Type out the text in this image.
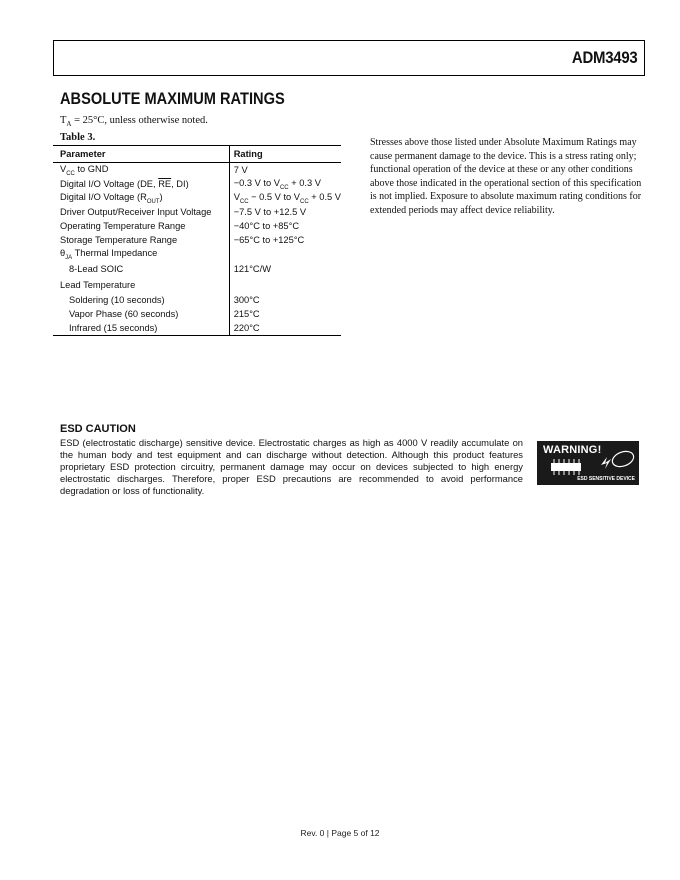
ADM3493
ABSOLUTE MAXIMUM RATINGS
$T_A = 25^\circ C$, unless otherwise noted.
Table 3.
Parameter	Rating
$V_{CC}$ to GND	7 V
Digital I/O Voltage (DE, $\overline{RE}$, DI)	−0.3 V to $V_{CC} + 0.3$ V
Digital I/O Voltage $(R_{OUT})$	$V_{CC} - 0.5$ V to $V_{CC} + 0.5$ V
Driver Output/Receiver Input Voltage	−7.5 V to +12.5 V
Operating Temperature Range	−40°C to +85°C
Storage Temperature Range	−65°C to +125°C
$\theta_{JA}$ Thermal Impedance	
8-Lead SOIC	121°C/W
Lead Temperature	
Soldering (10 seconds)	300°C
Vapor Phase (60 seconds)	215°C
Infrared (15 seconds)	220°C
Stresses above those listed under Absolute Maximum Ratings may cause permanent damage to the device. This is a stress rating only; functional operation of the device at these or any other conditions above those indicated in the operational section of this specification is not implied. Exposure to absolute maximum rating conditions for extended periods may affect device reliability.
ESD CAUTION
ESD (electrostatic discharge) sensitive device. Electrostatic charges as high as 4000 V readily accumulate on the human body and test equipment and can discharge without detection. Although this product features proprietary ESD protection circuitry, permanent damage may occur on devices subjected to high energy electrostatic discharges. Therefore, proper ESD precautions are recommended to avoid performance degradation or loss of functionality.
WARNING!
ESD SENSITIVE DEVICE
Rev. 0 | Page 5 of 12
